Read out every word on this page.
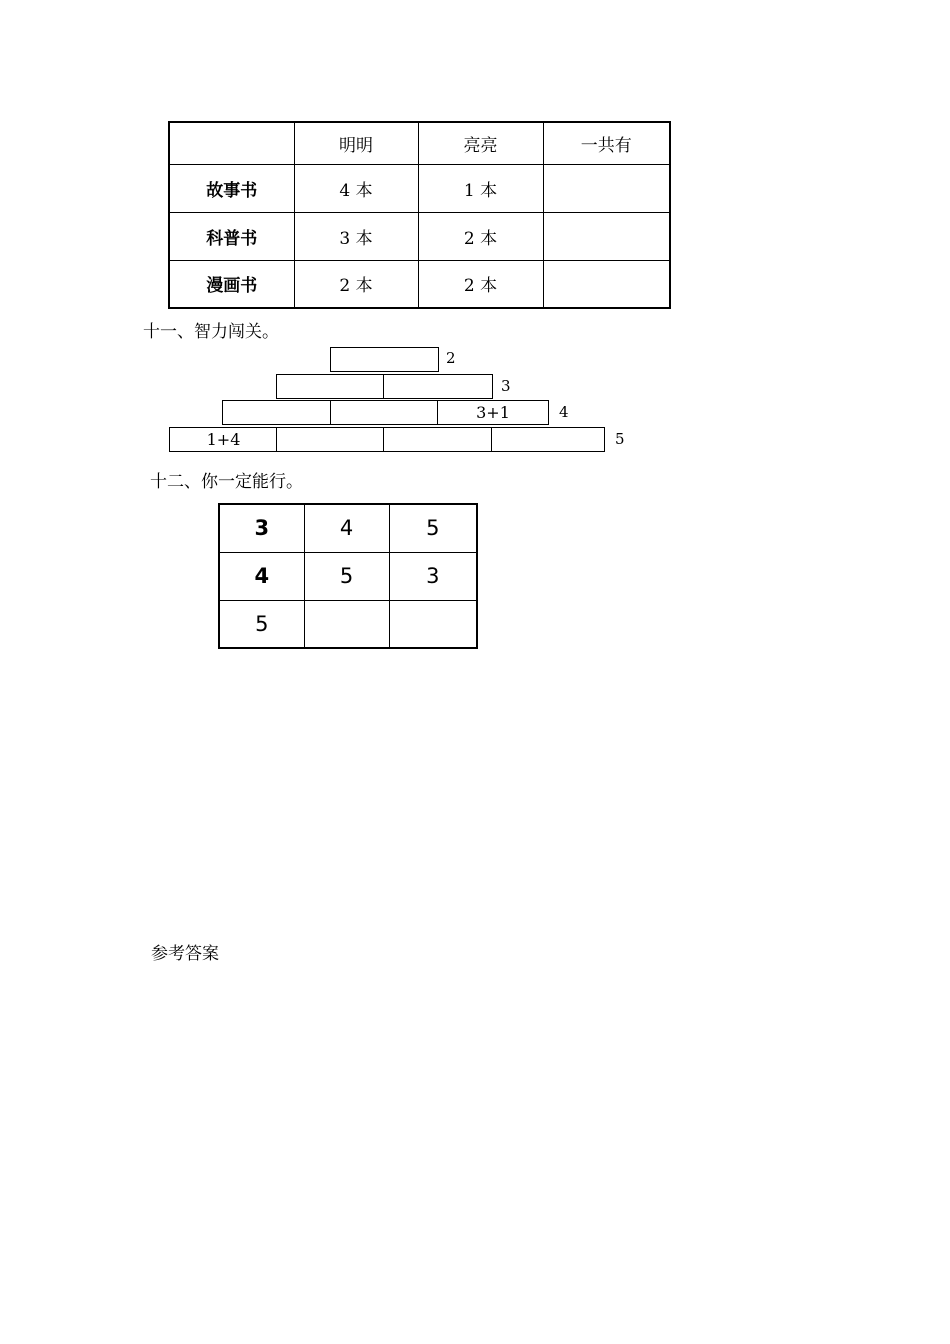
	明明	亮亮	一共有
故事书	4 本	1 本	
科普书	3 本	2 本	
漫画书	2 本	2 本	
十一、智力闯关。
2
3
3+1	4
1+4	5
十二、你一定能行。
3	4	5
4	5	3
5		
参考答案
